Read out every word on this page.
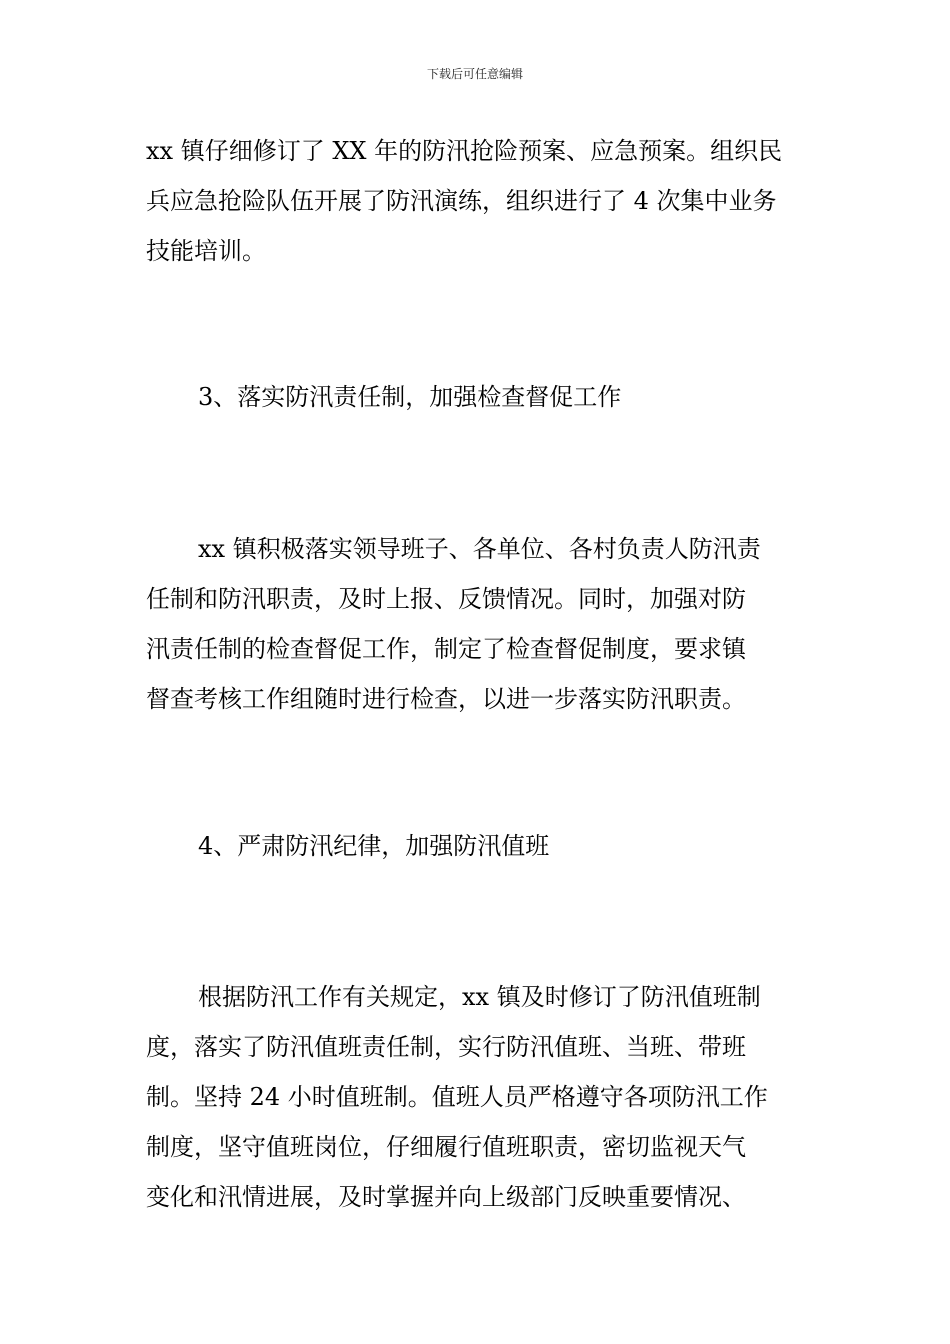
下载后可任意编辑
xx 镇仔细修订了 XX 年的防汛抢险预案、应急预案。组织民
兵应急抢险队伍开展了防汛演练，组织进行了 4 次集中业务
技能培训。
3、落实防汛责任制，加强检查督促工作
xx 镇积极落实领导班子、各单位、各村负责人防汛责
任制和防汛职责，及时上报、反馈情况。同时，加强对防
汛责任制的检查督促工作，制定了检查督促制度，要求镇
督查考核工作组随时进行检查，以进一步落实防汛职责。
4、严肃防汛纪律，加强防汛值班
根据防汛工作有关规定，xx 镇及时修订了防汛值班制
度，落实了防汛值班责任制，实行防汛值班、当班、带班
制。坚持 24 小时值班制。值班人员严格遵守各项防汛工作
制度，坚守值班岗位，仔细履行值班职责，密切监视天气
变化和汛情进展，及时掌握并向上级部门反映重要情况、
